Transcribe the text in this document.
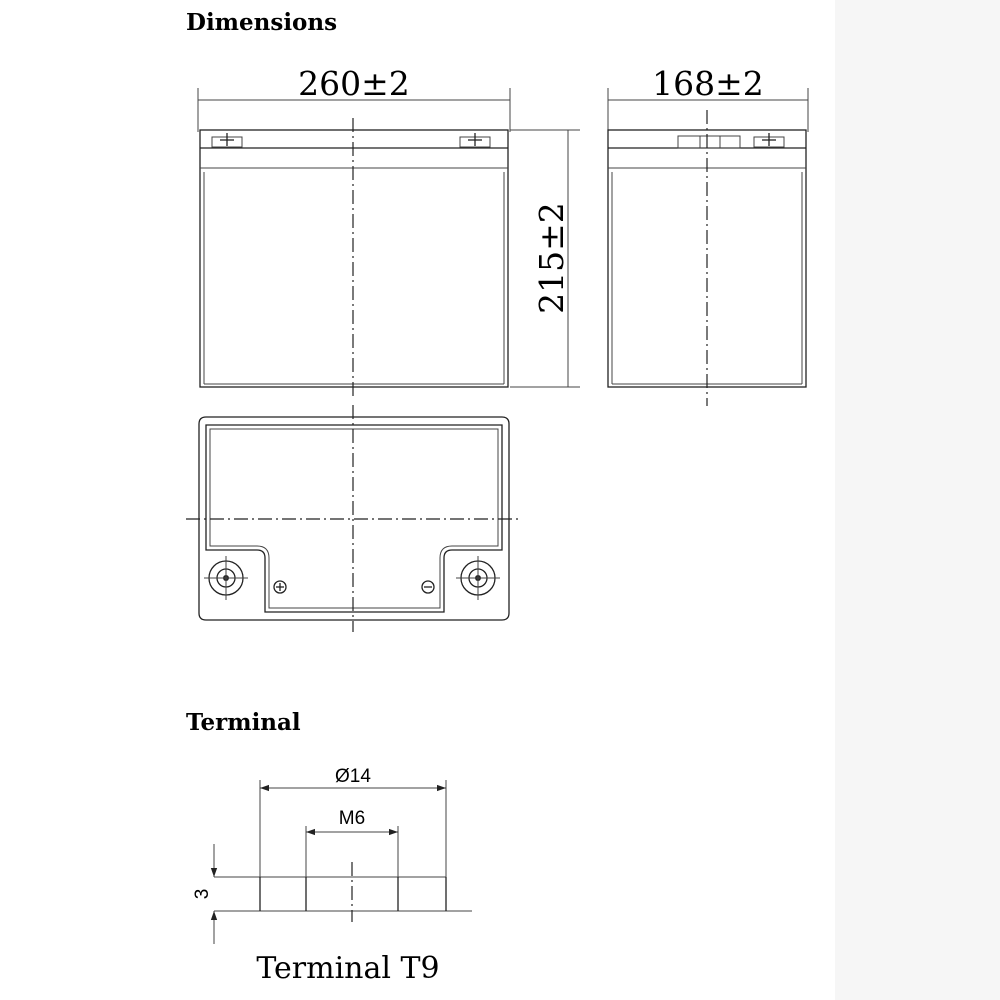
Dimensions
260±2
215±2
168±2
Terminal
Ø14
M6
3
Terminal T9
